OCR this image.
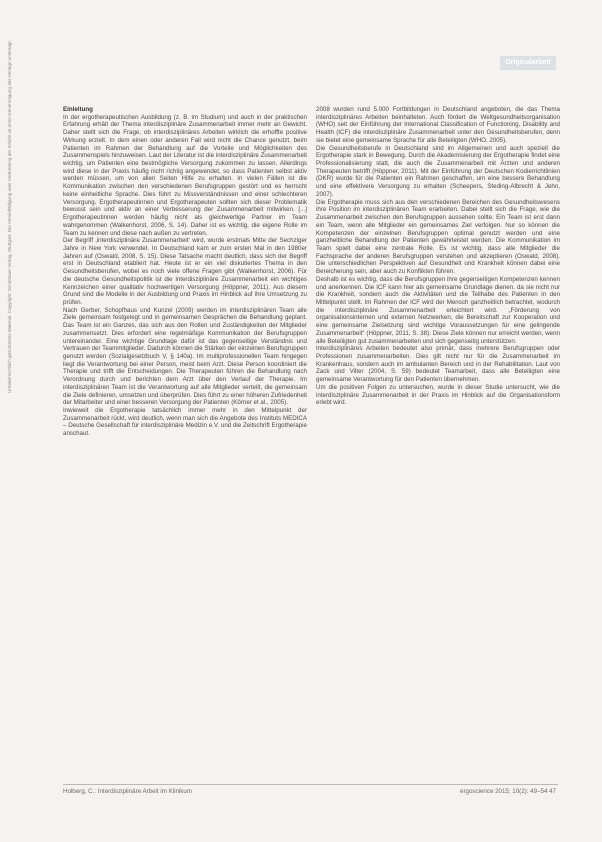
Urheberrechtlich geschütztes Material. Copyright: Schattauer Verlag, Stuttgart. Die Vervielfältigung oder Verbreitung der Inhalte ist ohne Genehmigung des Verlags untersagt.	Originalarbeit

Einleitung

In der ergotherapeutischen Ausbildung (z. B. im Studium) und auch in der praktischen Erfahrung erhält der Thema interdisziplinäre Zusammenarbeit immer mehr an Gewicht. Daher stellt sich die Frage, ob interdisziplinäres Arbeiten wirklich die erhoffte positive Wirkung erzielt. In dem einen oder anderen Fall wird nicht die Chance genutzt, beim Patienten im Rahmen der Behandlung auf die Vorteile und Möglichkeiten des Zusammenspiels hinzuweisen. Laut der Literatur ist die interdisziplinäre Zusammenarbeit wichtig, um Patienten eine bestmögliche Versorgung zukommen zu lassen. Allerdings wird diese in der Praxis häufig nicht richtig angewendet, so dass Patienten selbst aktiv werden müssen, um von allen Seiten Hilfe zu erhalten. In vielen Fällen ist die Kommunikation zwischen den verschiedenen Berufsgruppen gestört und es herrscht keine einheitliche Sprache. Dies führt zu Missverständnissen und einer schlechteren Versorgung. Ergotherapeutinnen und Ergotherapeuten sollten sich dieser Problematik bewusst sein und aktiv an einer Verbesserung der Zusammenarbeit mitwirken. [...] Ergotherapeutinnen werden häufig nicht als gleichwertige Partner im Team wahrgenommen (Walkenhorst, 2006, S. 14). Daher ist es wichtig, die eigene Rolle im Team zu kennen und diese nach außen zu vertreten.

Der Begriff ‚interdisziplinäre Zusammenarbeit‘ wird, wurde erstmals Mitte der Sechziger Jahre in New York verwendet. In Deutschland kam er zum ersten Mal in den 1980er Jahren auf (Oswald, 2008, S. 15). Diese Tatsache macht deutlich, dass sich der Begriff erst in Deutschland etabliert hat. Heute ist er ein viel diskutiertes Thema in den Gesundheitsberufen, wobei es noch viele offene Fragen gibt (Walkenhorst, 2006). Für die deutsche Gesundheitspolitik ist die interdisziplinäre Zusammenarbeit ein wichtiges Kennzeichen einer qualitativ hochwertigen Versorgung (Höppner, 2011). Aus diesem Grund sind die Modelle in der Ausbildung und Praxis im Hinblick auf ihre Umsetzung zu prüfen.

Nach Gerber, Schopfhaus und Kunzel (2009) werden im interdisziplinären Team alle Ziele gemeinsam festgelegt und in gemeinsamen Gesprächen die Behandlung geplant. Das Team ist ein Ganzes, das sich aus den Rollen und Zuständigkeiten der Mitglieder zusammensetzt. Dies erfordert eine regelmäßige Kommunikation der Berufsgruppen untereinander. Eine wichtige Grundlage dafür ist das gegenseitige Verständnis und Vertrauen der Teammitglieder. Dadurch können die Stärken der einzelnen Berufsgruppen genutzt werden (Sozialgesetzbuch V, § 140a). Im multiprofessionellen Team hingegen liegt die Verantwortung bei einer Person, meist beim Arzt. Diese Person koordiniert die Therapie und trifft die Entscheidungen. Die Therapeuten führen die Behandlung nach Verordnung durch und berichten dem Arzt über den Verlauf der Therapie. Im interdisziplinären Team ist die Verantwortung auf alle Mitglieder verteilt, die gemeinsam die Ziele definieren, umsetzen und überprüfen. Dies führt zu einer höheren Zufriedenheit der Mitarbeiter und einer besseren Versorgung der Patienten (Körner et al., 2005).

Inwieweit die Ergotherapie tatsächlich immer mehr in den Mittelpunkt der Zusammenarbeit rückt, wird deutlich, wenn man sich die Angebote des Instituts MEDICA – Deutsche Gesellschaft für interdisziplinäre Medizin e.V. und die Zeitschrift Ergotherapie anschaut.

2008 wurden rund 5.000 Fortbildungen in Deutschland angeboten, die das Thema interdisziplinäres Arbeiten beinhalteten. Auch fördert die Weltgesundheitsorganisation (WHO) seit der Einführung der International Classification of Functioning, Disability and Health (ICF) die interdisziplinäre Zusammenarbeit unter den Gesundheitsberufen, denn sie bietet eine gemeinsame Sprache für alle Beteiligten (WHO, 2005).

Die Gesundheitsberufe in Deutschland sind im Allgemeinen und auch speziell die Ergotherapie stark in Bewegung. Durch die Akademisierung der Ergotherapie findet eine Professionalisierung statt, die auch die Zusammenarbeit mit Ärzten und anderen Therapeuten betrifft (Höppner, 2011). Mit der Einführung der Deutschen Kodierrichtlinien (DKR) wurde für die Patienten ein Rahmen geschaffen, um eine bessere Behandlung und eine effektivere Versorgung zu erhalten (Scheepers, Steding-Albrecht & Jehn, 2007).

Die Ergotherapie muss sich aus den verschiedenen Bereichen des Gesundheitswesens ihre Position im interdisziplinären Team erarbeiten. Dabei stellt sich die Frage, wie die Zusammenarbeit zwischen den Berufsgruppen aussehen sollte. Ein Team ist erst dann ein Team, wenn alle Mitglieder ein gemeinsames Ziel verfolgen. Nur so können die Kompetenzen der einzelnen Berufsgruppen optimal genutzt werden und eine ganzheitliche Behandlung der Patienten gewährleistet werden. Die Kommunikation im Team spielt dabei eine zentrale Rolle. Es ist wichtig, dass alle Mitglieder die Fachsprache der anderen Berufsgruppen verstehen und akzeptieren (Oswald, 2008). Die unterschiedlichen Perspektiven auf Gesundheit und Krankheit können dabei eine Bereicherung sein, aber auch zu Konflikten führen.

Deshalb ist es wichtig, dass die Berufsgruppen ihre gegenseitigen Kompetenzen kennen und anerkennen. Die ICF kann hier als gemeinsame Grundlage dienen, da sie nicht nur die Krankheit, sondern auch die Aktivitäten und die Teilhabe des Patienten in den Mittelpunkt stellt. Im Rahmen der ICF wird der Mensch ganzheitlich betrachtet, wodurch die interdisziplinäre Zusammenarbeit erleichtert wird. „Förderung von organisationsinternen und externen Netzwerken, die Bereitschaft zur Kooperation und eine gemeinsame Zielsetzung sind wichtige Voraussetzungen für eine gelingende Zusammenarbeit“ (Höppner, 2011, S. 38). Diese Ziele können nur erreicht werden, wenn alle Beteiligten gut zusammenarbeiten und sich gegenseitig unterstützen.

Interdisziplinäres Arbeiten bedeutet also primär, dass mehrere Berufsgruppen oder Professionen zusammenarbeiten. Dies gilt nicht nur für die Zusammenarbeit im Krankenhaus, sondern auch im ambulanten Bereich und in der Rehabilitation. Laut von Zack und Vilter (2004, S. 59) bedeutet Teamarbeit, dass alle Beteiligten eine gemeinsame Verantwortung für den Patienten übernehmen.

Um die positiven Folgen zu untersuchen, wurde in dieser Studie untersucht, wie die interdisziplinäre Zusammenarbeit in der Praxis im Hinblick auf die Organisationsform erlebt wird.

Holberg, C.: Interdisziplinäre Arbeit im Klinikum	ergoscience 2015; 10(2): 49–54 47
